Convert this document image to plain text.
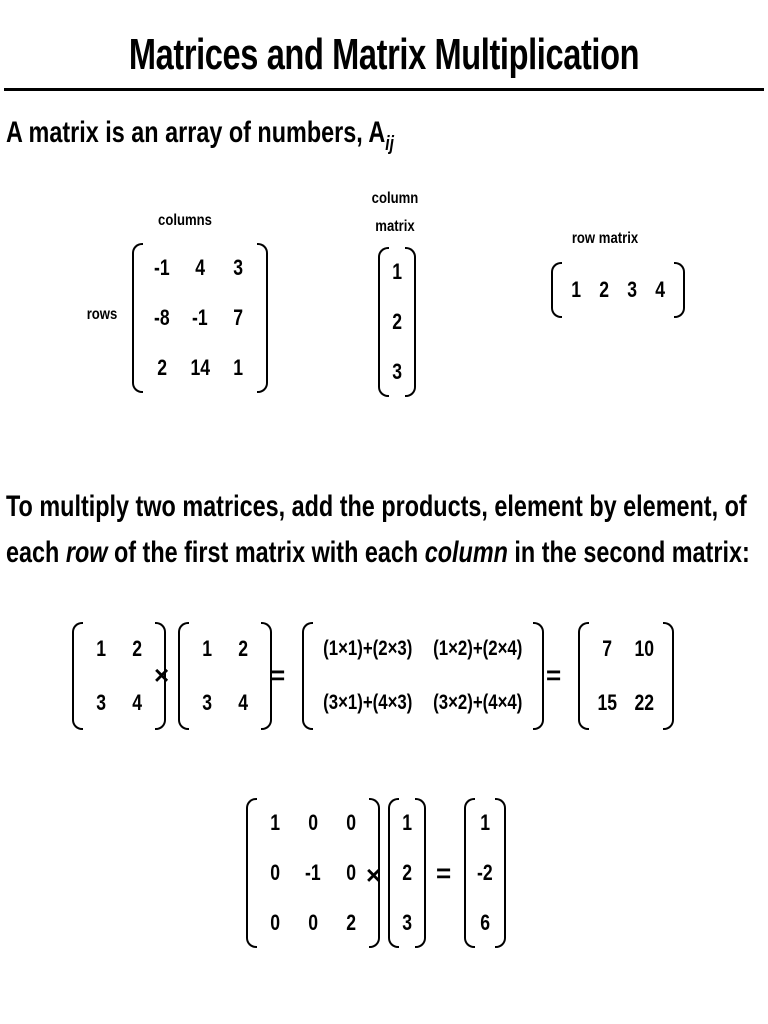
Matrices and Matrix Multiplication
A matrix is an array of numbers, $A_{ij}$
columns
rows
-1 4 3
-8 -1 7
2 14 1
column
matrix
1
2
3
row matrix
1 2 3 4
To multiply two matrices, add the products, element by element, of
each row of the first matrix with each column in the second matrix:
1 2
3 4
×
1 2
3 4
=
(1×1)+(2×3) (1×2)+(2×4)
(3×1)+(4×3) (3×2)+(4×4)
=
7 10
15 22
1 0 0
0 -1 0
0 0 2
×
1
2
3
=
1
-2
6
